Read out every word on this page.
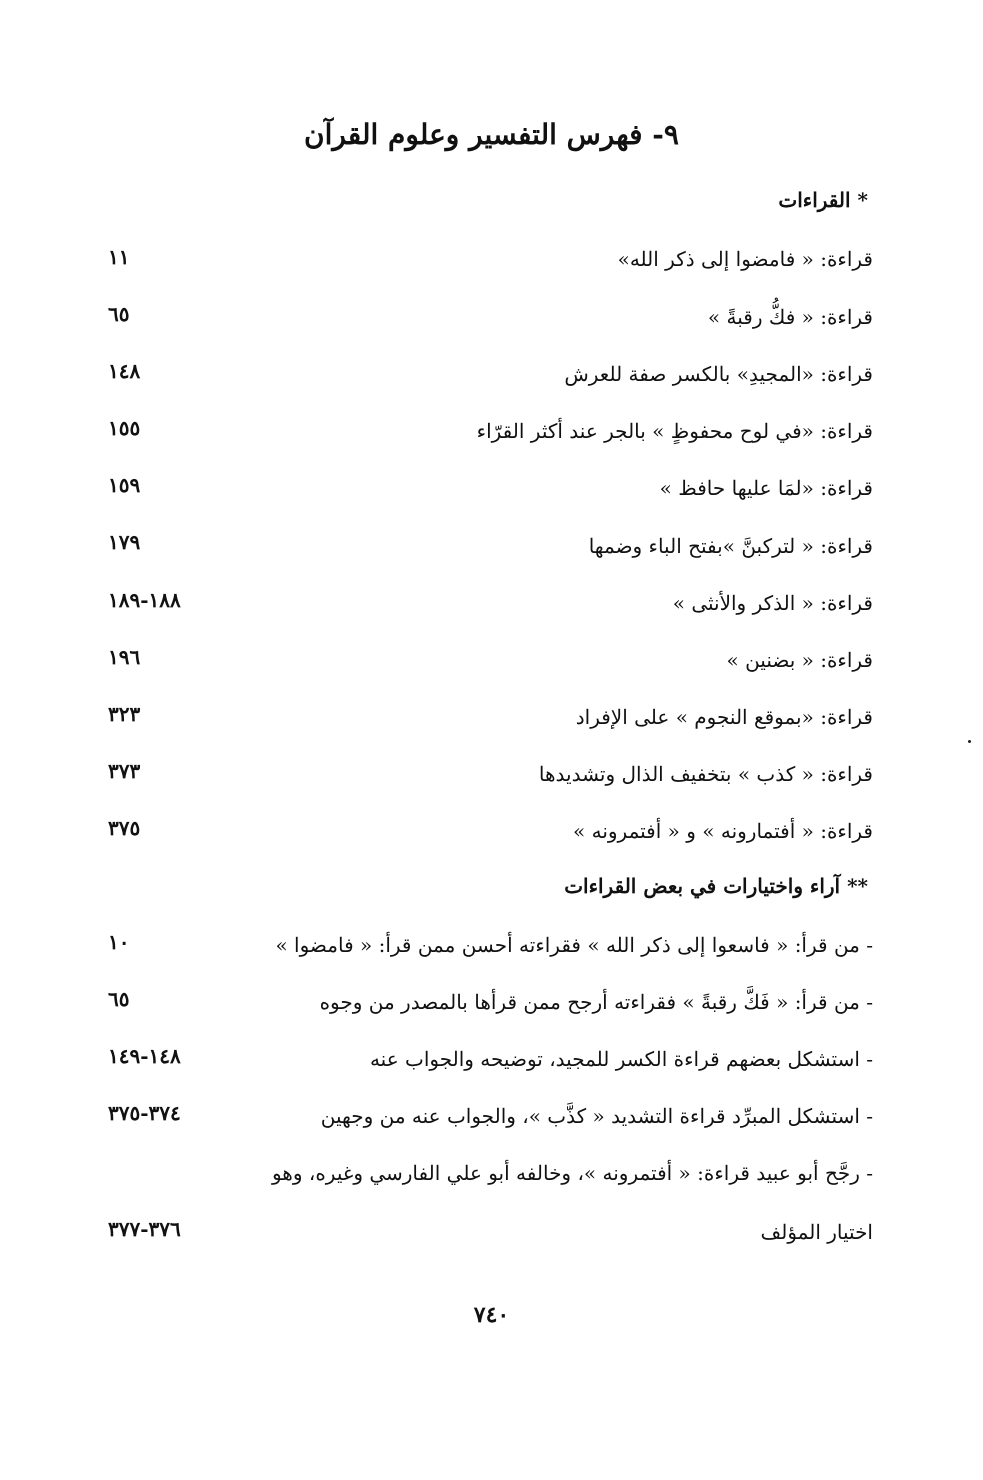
٩- فهرس التفسير وعلوم القرآن
* القراءات
قراءة: « فامضوا إلى ذكر الله»
١١
قراءة: « فكُّ رقبةً »
٦٥
قراءة: «المجيدِ» بالكسر صفة للعرش
١٤٨
قراءة: «في لوح محفوظٍ » بالجر عند أكثر القرّاء
١٥٥
قراءة: «لمَا عليها حافظ »
١٥٩
قراءة: « لتركبنَّ »بفتح الباء وضمها
١٧٩
قراءة: « الذكر والأنثى »
١٨٨-١٨٩
قراءة: « بضنين »
١٩٦
قراءة: «بموقع النجوم » على الإفراد
٣٢٣
قراءة: « كذب » بتخفيف الذال وتشديدها
٣٧٣
قراءة: « أفتمارونه » و « أفتمرونه »
٣٧٥
** آراء واختيارات في بعض القراءات
- من قرأ: « فاسعوا إلى ذكر الله » فقراءته أحسن ممن قرأ: « فامضوا »
١٠
- من قرأ: « فَكَّ رقبةً » فقراءته أرجح ممن قرأها بالمصدر من وجوه
٦٥
- استشكل بعضهم قراءة الكسر للمجيد، توضيحه والجواب عنه
١٤٨-١٤٩
- استشكل المبرِّد قراءة التشديد « كذَّب »، والجواب عنه من وجهين
٣٧٤-٣٧٥
- رجَّح أبو عبيد قراءة: « أفتمرونه »، وخالفه أبو علي الفارسي وغيره، وهو
اختيار المؤلف
٣٧٦-٣٧٧
٧٤٠
